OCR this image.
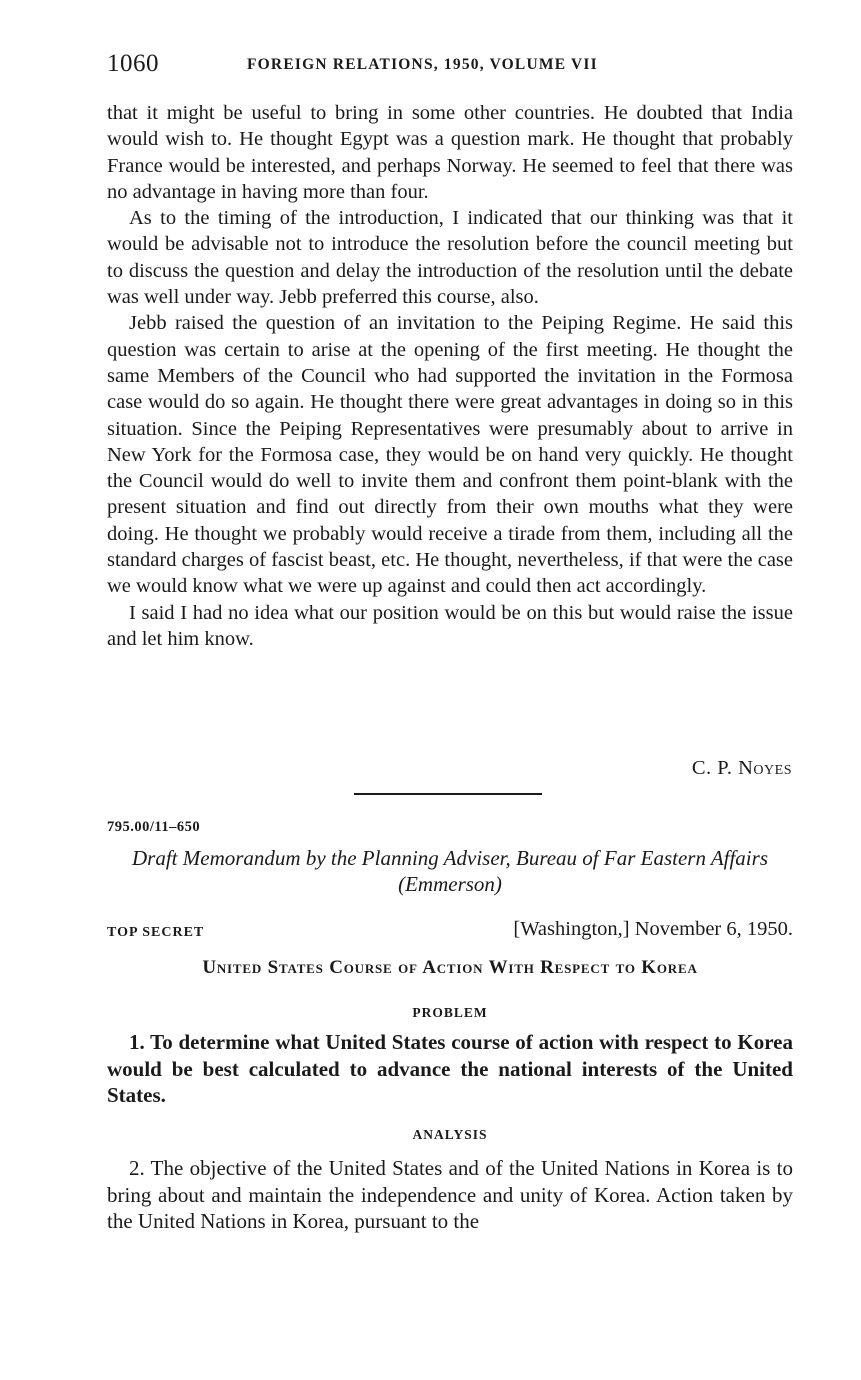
1060	FOREIGN RELATIONS, 1950, VOLUME VII

that it might be useful to bring in some other countries. He doubted that India would wish to. He thought Egypt was a question mark. He thought that probably France would be interested, and perhaps Norway. He seemed to feel that there was no advantage in having more than four.

As to the timing of the introduction, I indicated that our thinking was that it would be advisable not to introduce the resolution before the council meeting but to discuss the question and delay the introduction of the resolution until the debate was well under way. Jebb preferred this course, also.

Jebb raised the question of an invitation to the Peiping Regime. He said this question was certain to arise at the opening of the first meeting. He thought the same Members of the Council who had supported the invitation in the Formosa case would do so again. He thought there were great advantages in doing so in this situation. Since the Peiping Representatives were presumably about to arrive in New York for the Formosa case, they would be on hand very quickly. He thought the Council would do well to invite them and confront them point-blank with the present situation and find out directly from their own mouths what they were doing. He thought we probably would receive a tirade from them, including all the standard charges of fascist beast, etc. He thought, nevertheless, if that were the case we would know what we were up against and could then act accordingly.

I said I had no idea what our position would be on this but would raise the issue and let him know.

C. P. Noyes
795.00/11–650
Draft Memorandum by the Planning Adviser, Bureau of Far Eastern Affairs (Emmerson)
TOP SECRET	[Washington,] November 6, 1950.
United States Course of Action With Respect to Korea
PROBLEM

1. To determine what United States course of action with respect to Korea would be best calculated to advance the national interests of the United States.

ANALYSIS

2. The objective of the United States and of the United Nations in Korea is to bring about and maintain the independence and unity of Korea. Action taken by the United Nations in Korea, pursuant to the
